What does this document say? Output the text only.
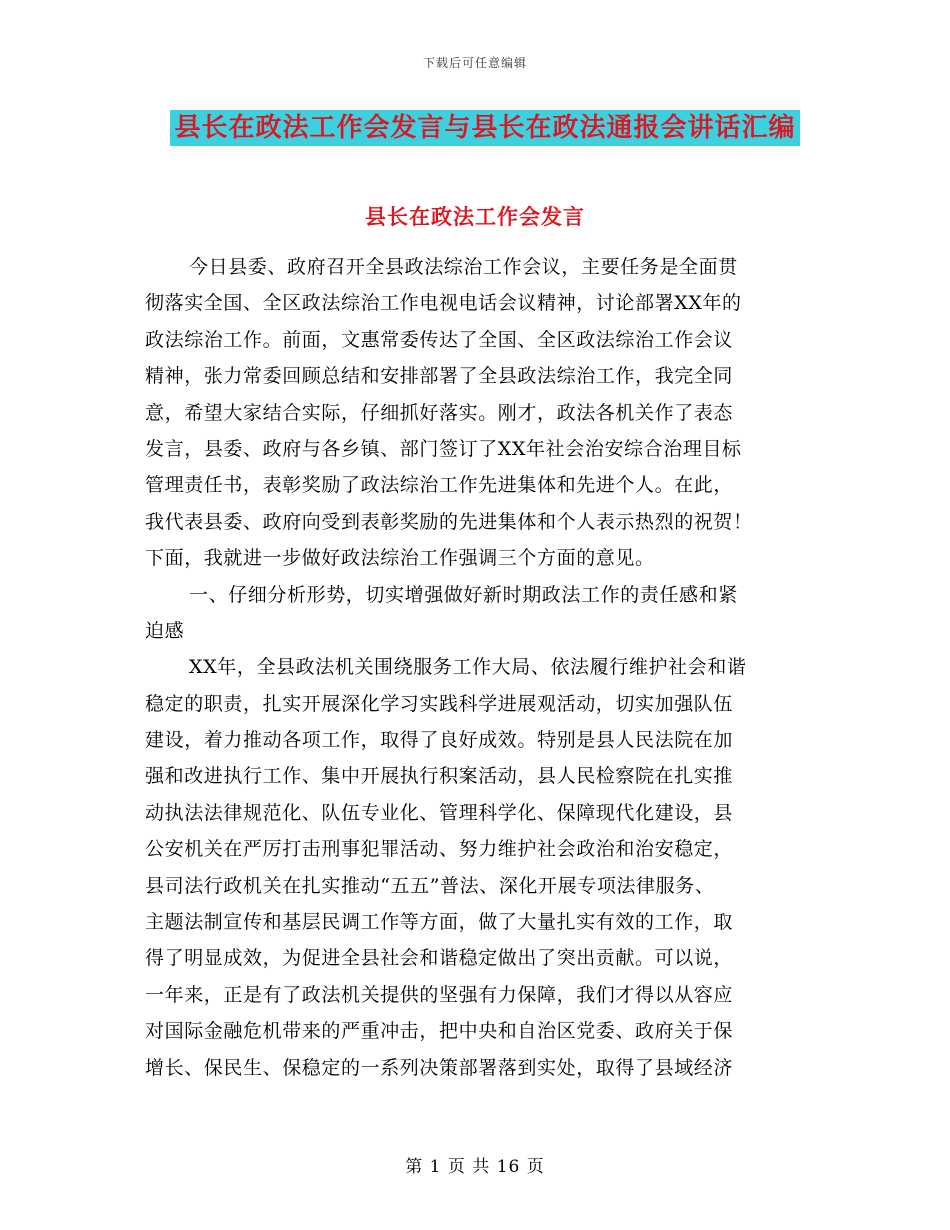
下载后可任意编辑
县长在政法工作会发言与县长在政法通报会讲话汇编
县长在政法工作会发言
今日县委、政府召开全县政法综治工作会议，主要任务是全面贯
彻落实全国、全区政法综治工作电视电话会议精神，讨论部署XX年的
政法综治工作。前面，文惠常委传达了全国、全区政法综治工作会议
精神，张力常委回顾总结和安排部署了全县政法综治工作，我完全同
意，希望大家结合实际，仔细抓好落实。刚才，政法各机关作了表态
发言，县委、政府与各乡镇、部门签订了XX年社会治安综合治理目标
管理责任书，表彰奖励了政法综治工作先进集体和先进个人。在此，
我代表县委、政府向受到表彰奖励的先进集体和个人表示热烈的祝贺！
下面，我就进一步做好政法综治工作强调三个方面的意见。
一、仔细分析形势，切实增强做好新时期政法工作的责任感和紧
迫感
XX年，全县政法机关围绕服务工作大局、依法履行维护社会和谐
稳定的职责，扎实开展深化学习实践科学进展观活动，切实加强队伍
建设，着力推动各项工作，取得了良好成效。特别是县人民法院在加
强和改进执行工作、集中开展执行积案活动，县人民检察院在扎实推
动执法法律规范化、队伍专业化、管理科学化、保障现代化建设，县
公安机关在严厉打击刑事犯罪活动、努力维护社会政治和治安稳定，
县司法行政机关在扎实推动“五五”普法、深化开展专项法律服务、
主题法制宣传和基层民调工作等方面，做了大量扎实有效的工作，取
得了明显成效，为促进全县社会和谐稳定做出了突出贡献。可以说，
一年来，正是有了政法机关提供的坚强有力保障，我们才得以从容应
对国际金融危机带来的严重冲击，把中央和自治区党委、政府关于保
增长、保民生、保稳定的一系列决策部署落到实处，取得了县域经济
第 1 页 共 16 页
